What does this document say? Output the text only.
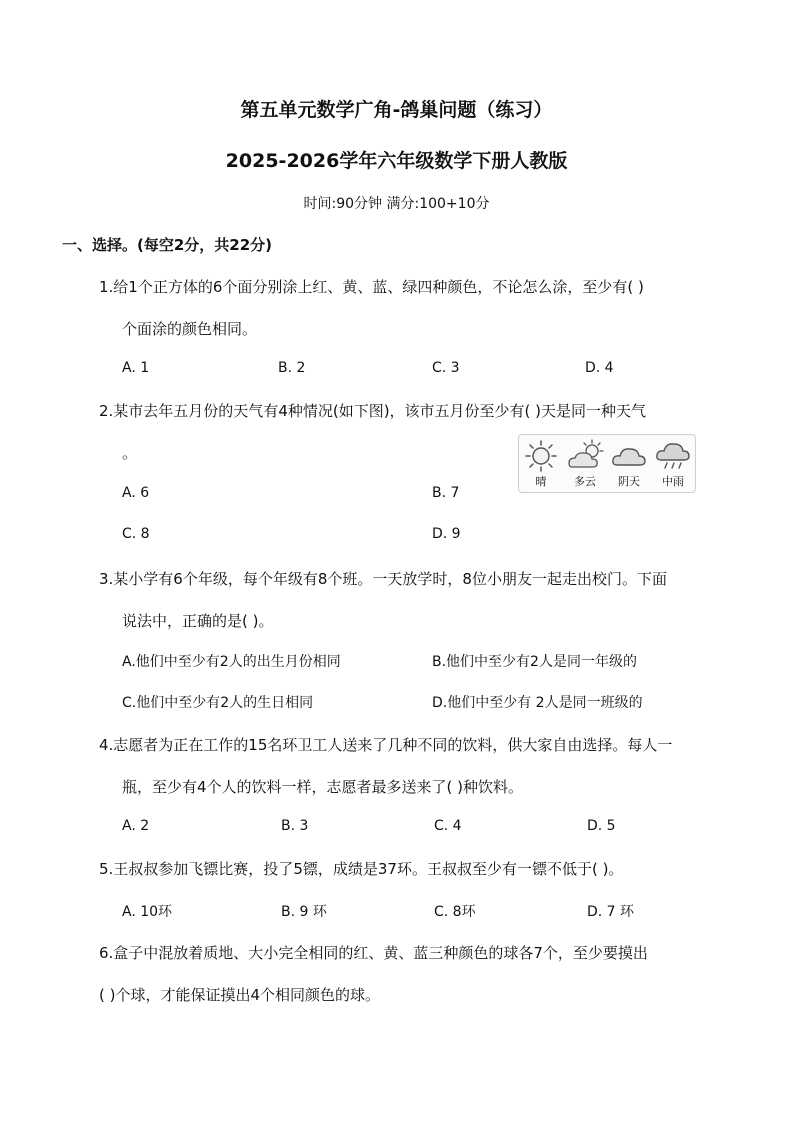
第五单元数学广角-鸽巢问题（练习）
2025-2026学年六年级数学下册人教版
时间:90分钟 满分:100+10分
一、选择。(每空2分，共22分)
1.给1个正方体的6个面分别涂上红、黄、蓝、绿四种颜色，不论怎么涂，至少有( )
个面涂的颜色相同。
A. 1	B. 2	C. 3	D. 4
2.某市去年五月份的天气有4种情况(如下图)，该市五月份至少有( )天是同一种天气
。
A. 6	B. 7
C. 8	D. 9
晴	多云	阴天	中雨
3.某小学有6个年级，每个年级有8个班。一天放学时，8位小朋友一起走出校门。下面
说法中，正确的是( )。
A.他们中至少有2人的出生月份相同	B.他们中至少有2人是同一年级的
C.他们中至少有2人的生日相同	D.他们中至少有 2人是同一班级的
4.志愿者为正在工作的15名环卫工人送来了几种不同的饮料，供大家自由选择。每人一
瓶，至少有4个人的饮料一样，志愿者最多送来了( )种饮料。
A. 2	B. 3	C. 4	D. 5
5.王叔叔参加飞镖比赛，投了5镖，成绩是37环。王叔叔至少有一镖不低于( )。
A. 10环	B. 9 环	C. 8环	D. 7 环
6.盒子中混放着质地、大小完全相同的红、黄、蓝三种颜色的球各7个，至少要摸出
( )个球，才能保证摸出4个相同颜色的球。
